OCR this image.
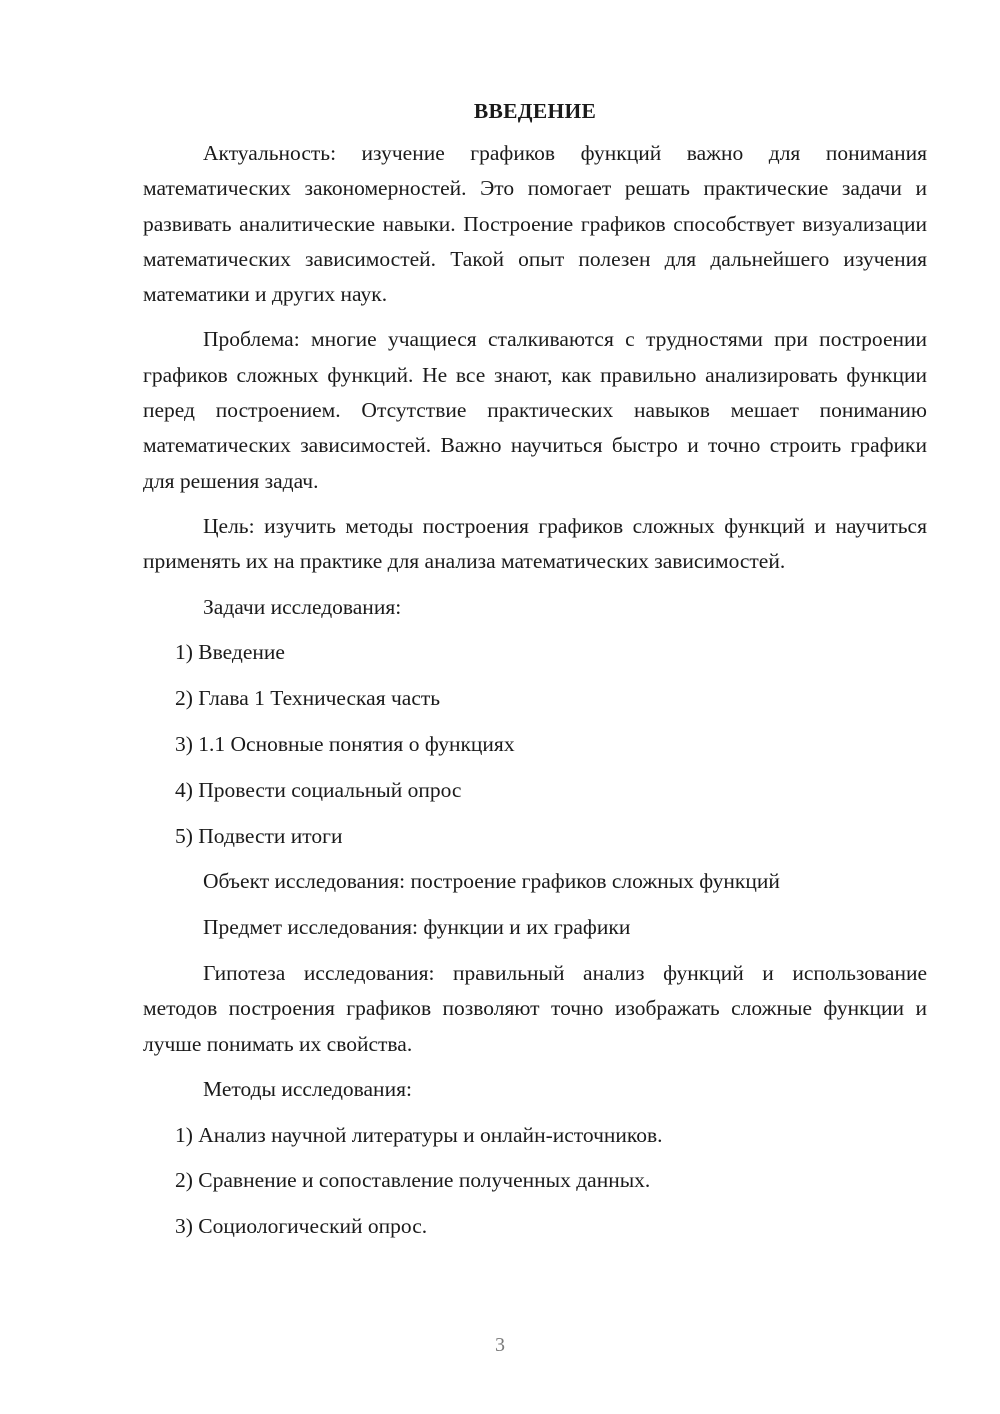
ВВЕДЕНИЕ

Актуальность: изучение графиков функций важно для понимания математических закономерностей. Это помогает решать практические задачи и развивать аналитические навыки. Построение графиков способствует визуализации математических зависимостей. Такой опыт полезен для дальнейшего изучения математики и других наук.

Проблема: многие учащиеся сталкиваются с трудностями при построении графиков сложных функций. Не все знают, как правильно анализировать функции перед построением. Отсутствие практических навыков мешает пониманию математических зависимостей. Важно научиться быстро и точно строить графики для решения задач.

Цель: изучить методы построения графиков сложных функций и научиться применять их на практике для анализа математических зависимостей.

Задачи исследования:
1) Введение
2) Глава 1 Техническая часть
3) 1.1 Основные понятия о функциях
4) Провести социальный опрос
5) Подвести итоги
Объект исследования: построение графиков сложных функций
Предмет исследования: функции и их графики

Гипотеза исследования: правильный анализ функций и использование методов построения графиков позволяют точно изображать сложные функции и лучше понимать их свойства.

Методы исследования:
1) Анализ научной литературы и онлайн-источников.
2) Сравнение и сопоставление полученных данных.
3) Социологический опрос.
3
